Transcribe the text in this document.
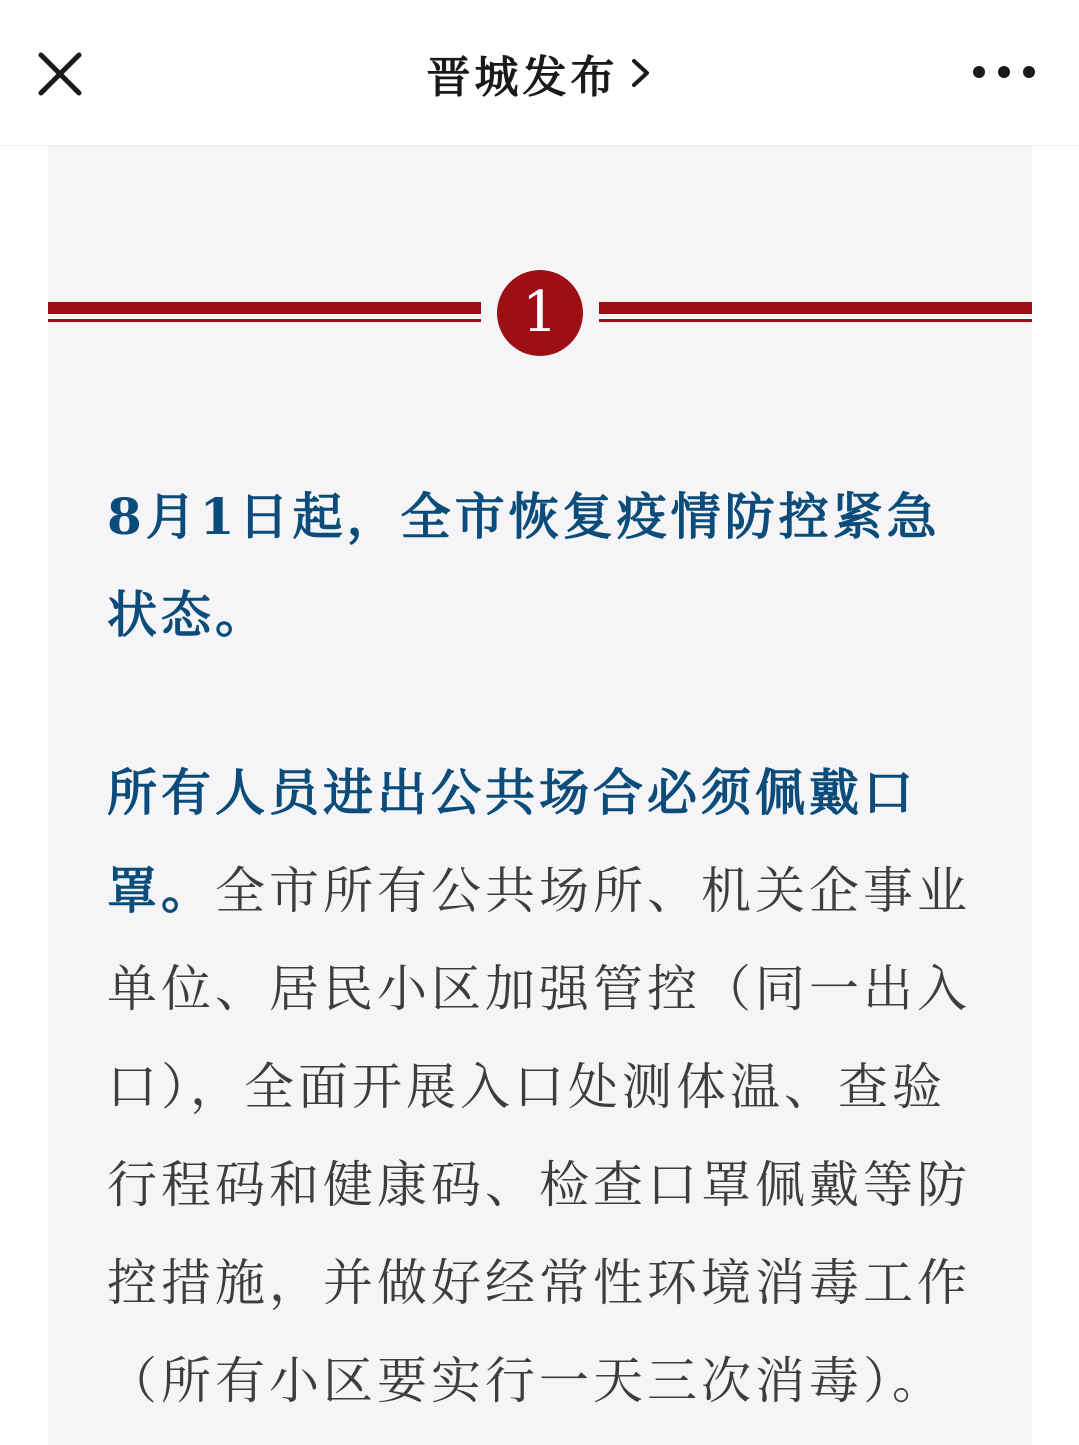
晋城发布
1

8月1日起，全市恢复疫情防控紧急状态。

所有人员进出公共场合必须佩戴口罩。全市所有公共场所、机关企事业单位、居民小区加强管控（同一出入口），全面开展入口处测体温、查验行程码和健康码、检查口罩佩戴等防控措施，并做好经常性环境消毒工作（所有小区要实行一天三次消毒）。
